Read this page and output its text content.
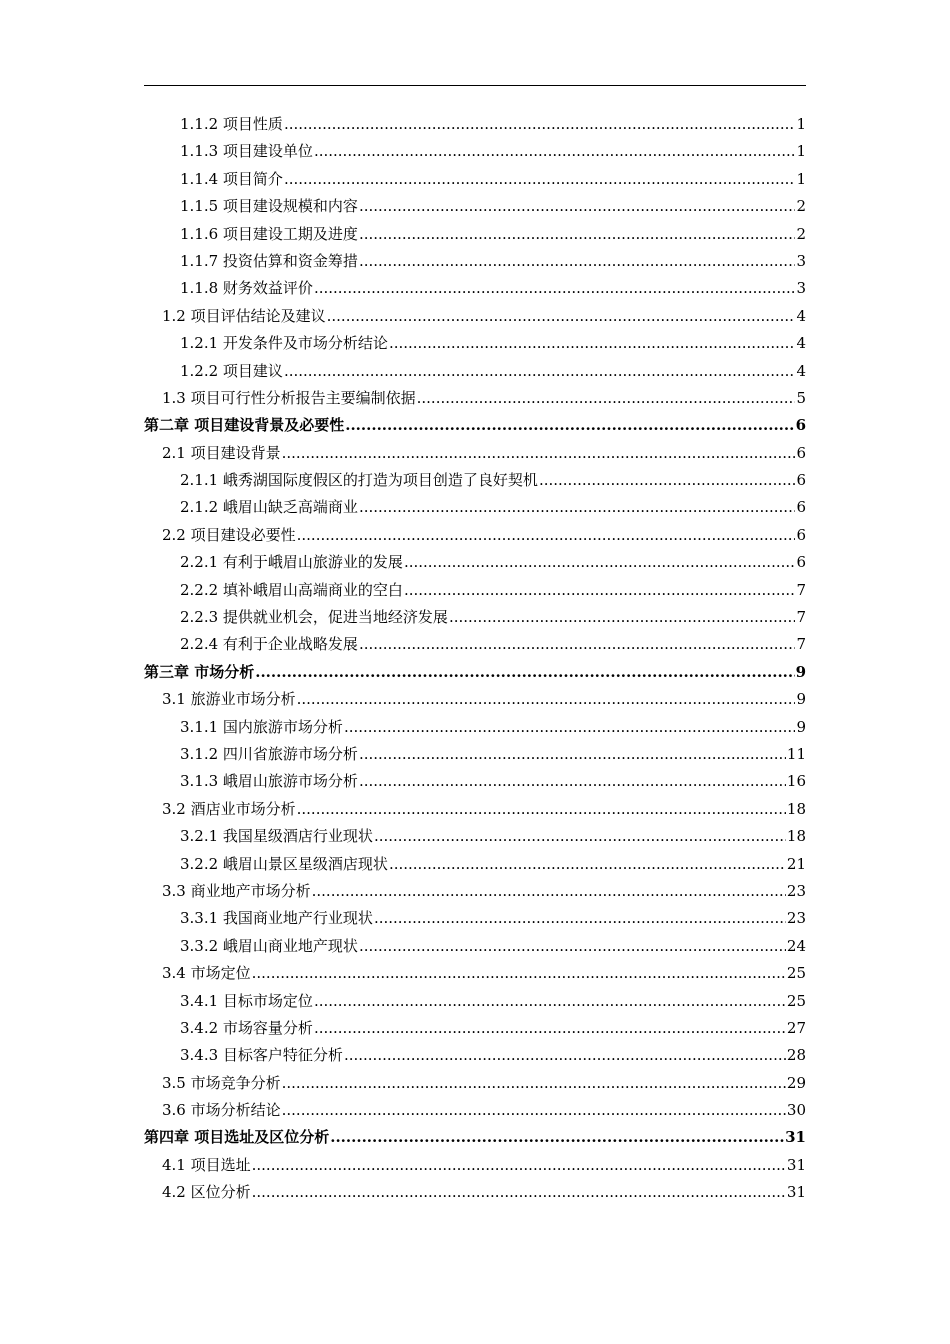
1.1.2 项目性质 .....	1
1.1.3 项目建设单位 .....	1
1.1.4 项目简介 .....	1
1.1.5 项目建设规模和内容 .....	2
1.1.6 项目建设工期及进度 .....	2
1.1.7 投资估算和资金筹措 .....	3
1.1.8 财务效益评价 .....	3
1.2 项目评估结论及建议 .....	4
1.2.1 开发条件及市场分析结论 .....	4
1.2.2 项目建议 .....	4
1.3 项目可行性分析报告主要编制依据 .....	5
第二章 项目建设背景及必要性 .....	6
2.1 项目建设背景 .....	6
2.1.1 峨秀湖国际度假区的打造为项目创造了良好契机 .....	6
2.1.2 峨眉山缺乏高端商业 .....	6
2.2 项目建设必要性 .....	6
2.2.1 有利于峨眉山旅游业的发展 .....	6
2.2.2 填补峨眉山高端商业的空白 .....	7
2.2.3 提供就业机会，促进当地经济发展 .....	7
2.2.4 有利于企业战略发展 .....	7
第三章 市场分析 .....	9
3.1 旅游业市场分析 .....	9
3.1.1 国内旅游市场分析 .....	9
3.1.2 四川省旅游市场分析 .....	11
3.1.3 峨眉山旅游市场分析 .....	16
3.2 酒店业市场分析 .....	18
3.2.1 我国星级酒店行业现状 .....	18
3.2.2 峨眉山景区星级酒店现状 .....	21
3.3 商业地产市场分析 .....	23
3.3.1 我国商业地产行业现状 .....	23
3.3.2 峨眉山商业地产现状 .....	24
3.4 市场定位 .....	25
3.4.1 目标市场定位 .....	25
3.4.2 市场容量分析 .....	27
3.4.3 目标客户特征分析 .....	28
3.5 市场竞争分析 .....	29
3.6 市场分析结论 .....	30
第四章 项目选址及区位分析 .....	31
4.1 项目选址 .....	31
4.2 区位分析 .....	31
